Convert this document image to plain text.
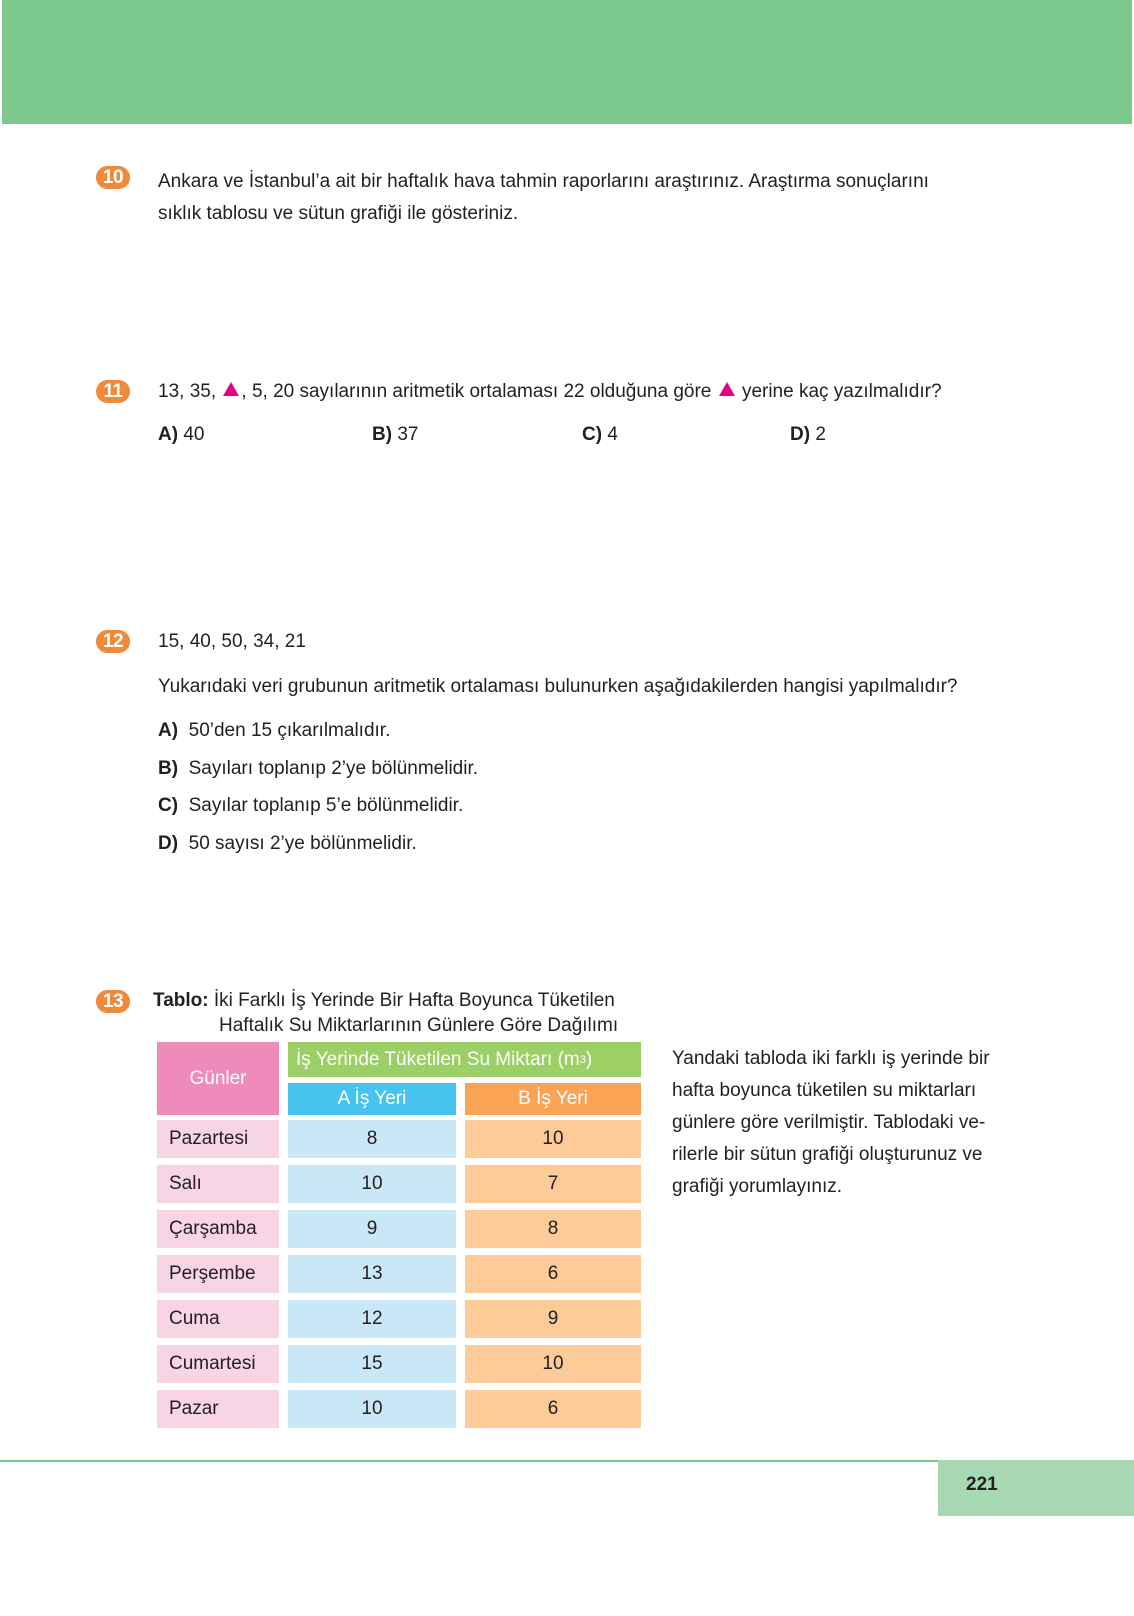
10	Ankara ve İstanbul’a ait bir haftalık hava tahmin raporlarını araştırınız. Araştırma sonuçlarını
sıklık tablosu ve sütun grafiği ile gösteriniz.
11	13, 35, , 5, 20 sayılarının aritmetik ortalaması 22 olduğuna göre yerine kaç yazılmalıdır?
A) 40	B) 37	C) 4	D) 2
12	15, 40, 50, 34, 21
Yukarıdaki veri grubunun aritmetik ortalaması bulunurken aşağıdakilerden hangisi yapılmalıdır?
A) 50’den 15 çıkarılmalıdır.
B) Sayıları toplanıp 2’ye bölünmelidir.
C) Sayılar toplanıp 5’e bölünmelidir.
D) 50 sayısı 2’ye bölünmelidir.
13	Tablo: İki Farklı İş Yerinde Bir Hafta Boyunca Tüketilen
Haftalık Su Miktarlarının Günlere Göre Dağılımı
Günler
İş Yerinde Tüketilen Su Miktarı (m 3 )
A İş Yeri	B İş Yeri
Pazartesi	8	10
Salı	10	7
Çarşamba	9	8
Perşembe	13	6
Cuma	12	9
Cumartesi	15	10
Pazar	10	6
Yandaki tabloda iki farklı iş yerinde bir
hafta boyunca tüketilen su miktarları
günlere göre verilmiştir. Tablodaki ve-
rilerle bir sütun grafiği oluşturunuz ve
grafiği yorumlayınız.
221
